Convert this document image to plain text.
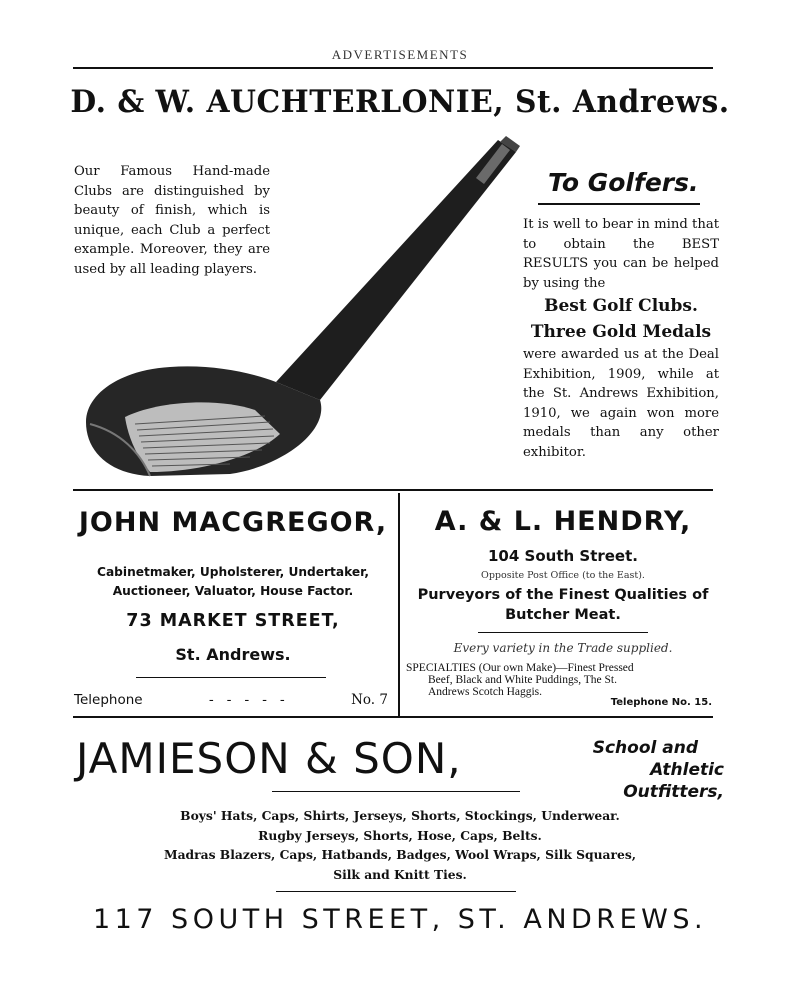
ADVERTISEMENTS
D. & W. AUCHTERLONIE, St. Andrews.
Our Famous Hand-made Clubs are distinguished by beauty of finish, which is unique, each Club a perfect example. Moreover, they are used by all leading players.
To Golfers.
It is well to bear in mind that to obtain the BEST RESULTS you can be helped by using the
Best Golf Clubs.
Three Gold Medals
were awarded us at the Deal Exhibition, 1909, while at the St. Andrews Exhibition, 1910, we again won more medals than any other exhibitor.
JOHN MACGREGOR,
Cabinetmaker, Upholsterer, Undertaker,
Auctioneer, Valuator, House Factor.
73 MARKET STREET,
St. Andrews.
Telephone	-   -   -   -   -	No. 7
A. & L. HENDRY,
104 South Street.
Opposite Post Office (to the East).
Purveyors of the Finest Qualities of
Butcher Meat.
Every variety in the Trade supplied.
SPECIALTIES (Our own Make)—Finest Pressed
Beef, Black and White Puddings, The St.
Andrews Scotch Haggis.
Telephone No. 15.
JAMIESON & SON,	School and
Athletic Outfitters,
Boys' Hats, Caps, Shirts, Jerseys, Shorts, Stockings, Underwear.
Rugby Jerseys, Shorts, Hose, Caps, Belts.
Madras Blazers, Caps, Hatbands, Badges, Wool Wraps, Silk Squares,
Silk and Knitt Ties.
117 SOUTH STREET, ST. ANDREWS.
